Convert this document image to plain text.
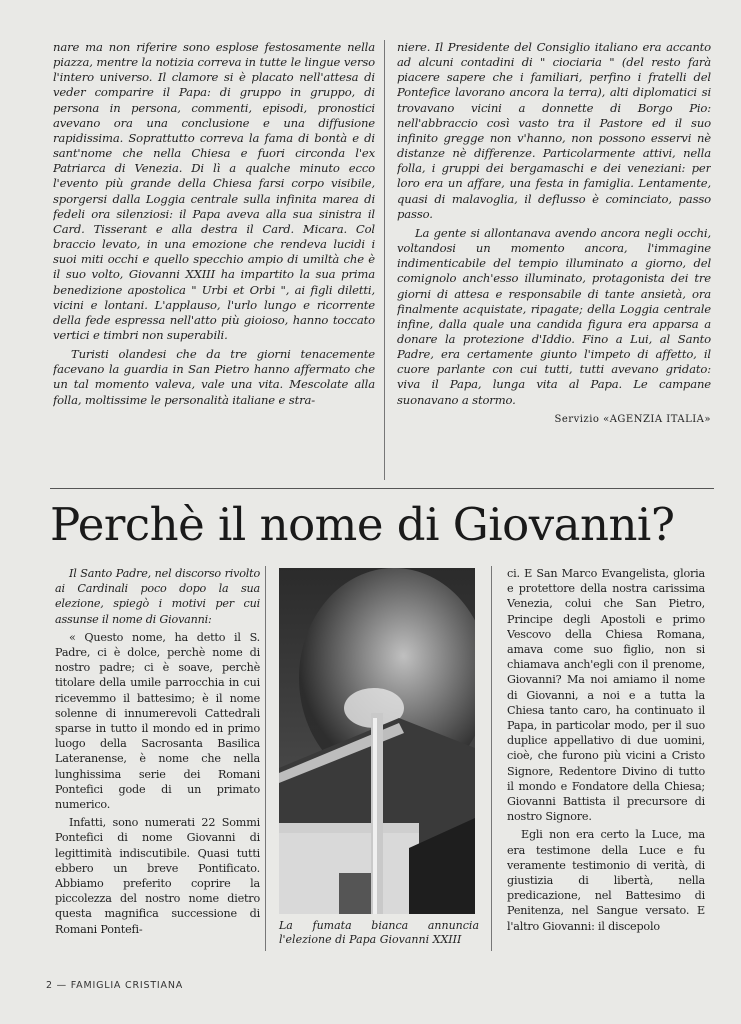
nare ma non riferire sono esplose festosamente nella piazza, mentre la notizia correva in tutte le lingue verso l'intero universo. Il clamore si è placato nell'attesa di veder comparire il Papa: di gruppo in gruppo, di persona in persona, commenti, episodi, pronostici avevano ora una conclusione e una diffusione rapidissima. Soprattutto correva la fama di bontà e di sant'nome che nella Chiesa e fuori circonda l'ex Patriarca di Venezia. Di lì a qualche minuto ecco l'evento più grande della Chiesa farsi corpo visibile, sporgersi dalla Loggia centrale sulla infinita marea di fedeli ora silenziosi: il Papa aveva alla sua sinistra il Card. Tisserant e alla destra il Card. Micara. Col braccio levato, in una emozione che rendeva lucidi i suoi miti occhi e quello specchio ampio di umiltà che è il suo volto, Giovanni XXIII ha impartito la sua prima benedizione apostolica " Urbi et Orbi ", ai figli diletti, vicini e lontani. L'applauso, l'urlo lungo e ricorrente della fede espressa nell'atto più gioioso, hanno toccato vertici e timbri non superabili.

Turisti olandesi che da tre giorni tenacemente facevano la guardia in San Pietro hanno affermato che un tal momento valeva, vale una vita. Mescolate alla folla, moltissime le personalità italiane e stra-

niere. Il Presidente del Consiglio italiano era accanto ad alcuni contadini di " ciociaria " (del resto farà piacere sapere che i familiari, perfino i fratelli del Pontefice lavorano ancora la terra), alti diplomatici si trovavano vicini a donnette di Borgo Pio: nell'abbraccio così vasto tra il Pastore ed il suo infinito gregge non v'hanno, non possono esservi nè distanze nè differenze. Particolarmente attivi, nella folla, i gruppi dei bergamaschi e dei veneziani: per loro era un affare, una festa in famiglia. Lentamente, quasi di malavoglia, il deflusso è cominciato, passo passo.

La gente si allontanava avendo ancora negli occhi, voltandosi un momento ancora, l'immagine indimenticabile del tempio illuminato a giorno, del comignolo anch'esso illuminato, protagonista dei tre giorni di attesa e responsabile di tante ansietà, ora finalmente acquistate, ripagate; della Loggia centrale infine, dalla quale una candida figura era apparsa a donare la protezione d'Iddio. Fino a Lui, al Santo Padre, era certamente giunto l'impeto di affetto, il cuore parlante con cui tutti, tutti avevano gridato: viva il Papa, lunga vita al Papa. Le campane suonavano a stormo.

Servizio «AGENZIA ITALIA»

Perchè il nome di Giovanni?

Il Santo Padre, nel discorso rivolto ai Cardinali poco dopo la sua elezione, spiegò i motivi per cui assunse il nome di Giovanni:

« Questo nome, ha detto il S. Padre, ci è dolce, perchè nome di nostro padre; ci è soave, perchè titolare della umile parrocchia in cui ricevemmo il battesimo; è il nome solenne di innumerevoli Cattedrali sparse in tutto il mondo ed in primo luogo della Sacrosanta Basilica Lateranense, è nome che nella lunghissima serie dei Romani Pontefici gode di un primato numerico.

Infatti, sono numerati 22 Sommi Pontefici di nome Giovanni di legittimità indiscutibile. Quasi tutti ebbero un breve Pontificato. Abbiamo preferito coprire la piccolezza del nostro nome dietro questa magnifica successione di Romani Pontefi-	La fumata bianca annuncia l'elezione di Papa Giovanni XXIII

ci. E San Marco Evangelista, gloria e protettore della nostra carissima Venezia, colui che San Pietro, Principe degli Apostoli e primo Vescovo della Chiesa Romana, amava come suo figlio, non si chiamava anch'egli con il prenome, Giovanni? Ma noi amiamo il nome di Giovanni, a noi e a tutta la Chiesa tanto caro, ha continuato il Papa, in particolar modo, per il suo duplice appellativo di due uomini, cioè, che furono più vicini a Cristo Signore, Redentore Divino di tutto il mondo e Fondatore della Chiesa; Giovanni Battista il precursore di nostro Signore.

Egli non era certo la Luce, ma era testimone della Luce e fu veramente testimonio di verità, di giustizia di libertà, nella predicazione, nel Battesimo di Penitenza, nel Sangue versato. E l'altro Giovanni: il discepolo

2 — FAMIGLIA CRISTIANA
